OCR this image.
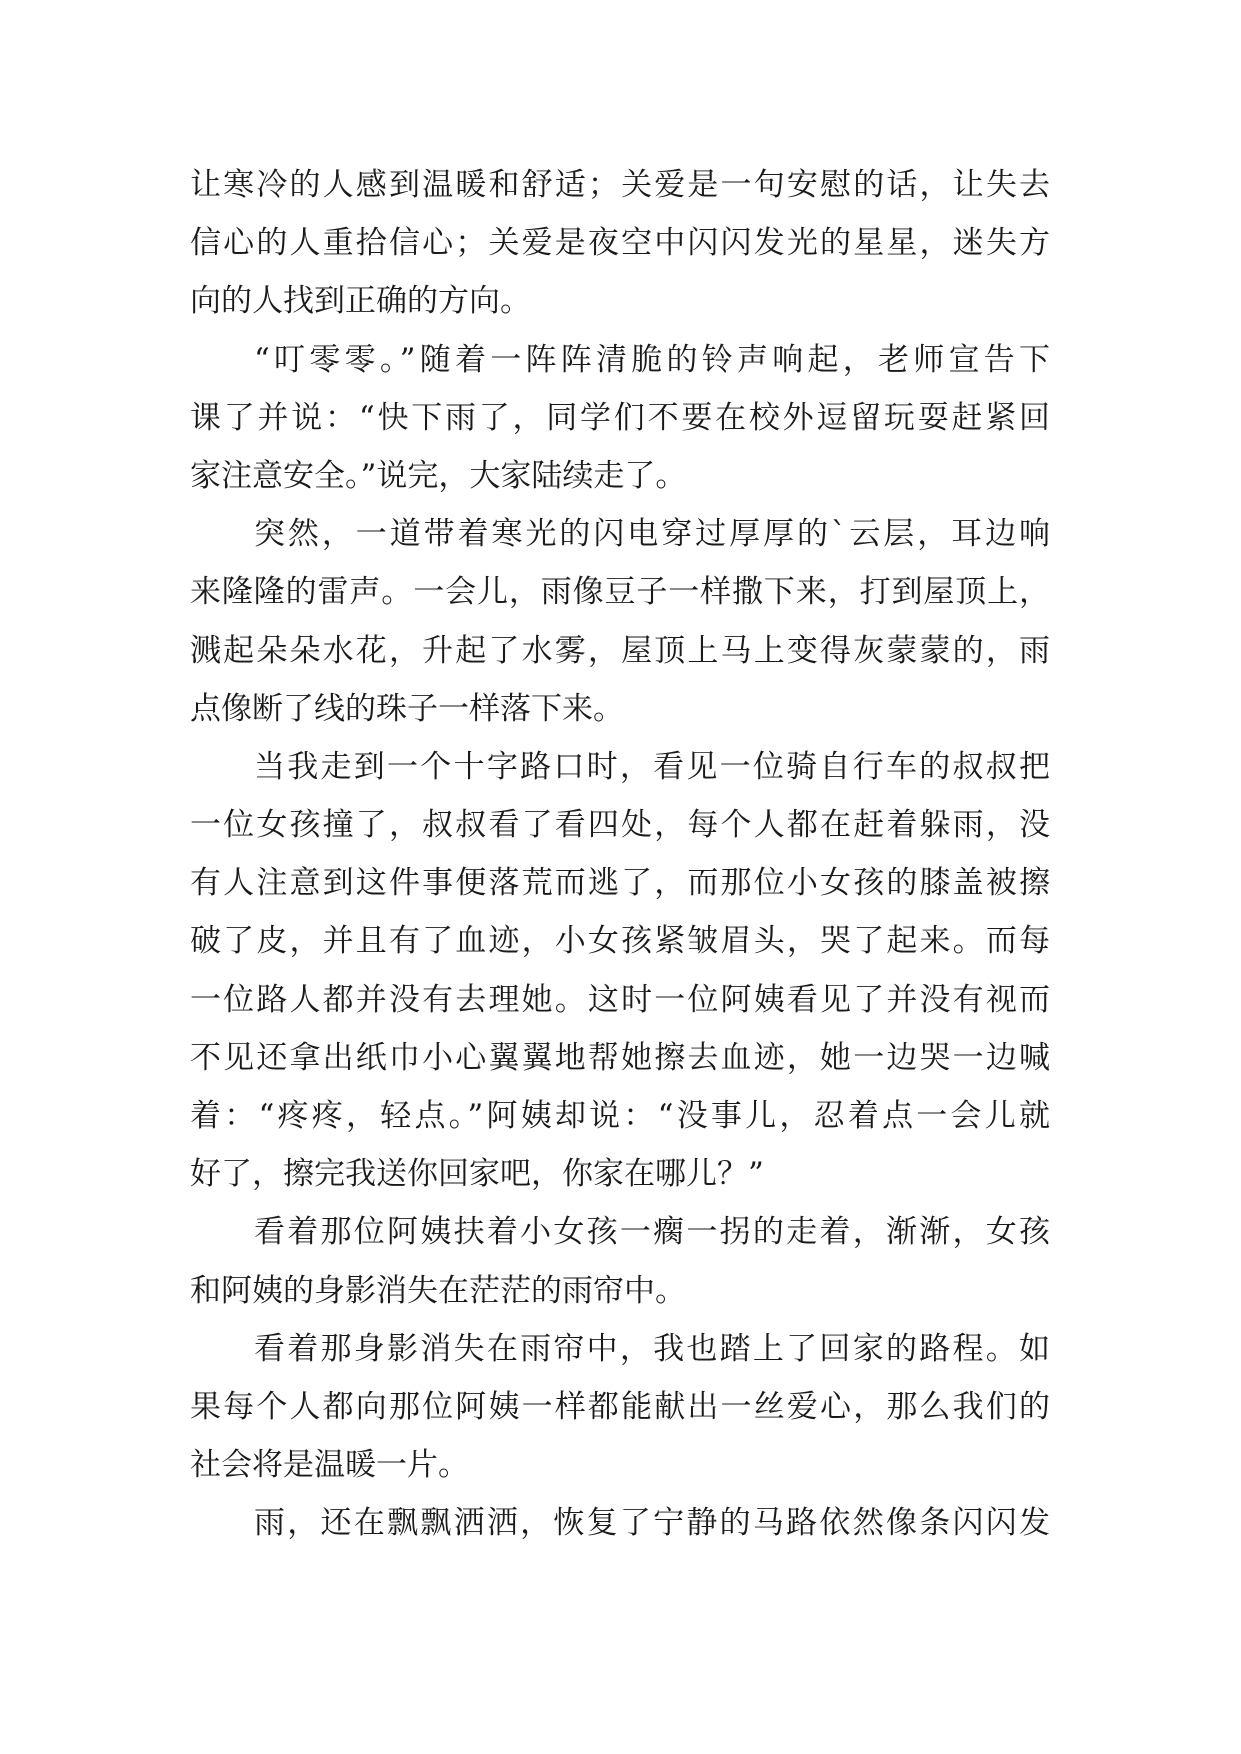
让寒冷的人感到温暖和舒适；关爱是一句安慰的话，让失去
信心的人重拾信心；关爱是夜空中闪闪发光的星星，迷失方
向的人找到正确的方向。
“叮零零。”随着一阵阵清脆的铃声响起，老师宣告下
课了并说：“快下雨了，同学们不要在校外逗留玩耍赶紧回
家注意安全。”说完，大家陆续走了。
突然，一道带着寒光的闪电穿过厚厚的`云层，耳边响
来隆隆的雷声。一会儿，雨像豆子一样撒下来，打到屋顶上，
溅起朵朵水花，升起了水雾，屋顶上马上变得灰蒙蒙的，雨
点像断了线的珠子一样落下来。
当我走到一个十字路口时，看见一位骑自行车的叔叔把
一位女孩撞了，叔叔看了看四处，每个人都在赶着躲雨，没
有人注意到这件事便落荒而逃了，而那位小女孩的膝盖被擦
破了皮，并且有了血迹，小女孩紧皱眉头，哭了起来。而每
一位路人都并没有去理她。这时一位阿姨看见了并没有视而
不见还拿出纸巾小心翼翼地帮她擦去血迹，她一边哭一边喊
着：“疼疼，轻点。”阿姨却说：“没事儿，忍着点一会儿就
好了，擦完我送你回家吧，你家在哪儿？”
看着那位阿姨扶着小女孩一瘸一拐的走着，渐渐，女孩
和阿姨的身影消失在茫茫的雨帘中。
看着那身影消失在雨帘中，我也踏上了回家的路程。如
果每个人都向那位阿姨一样都能献出一丝爱心，那么我们的
社会将是温暖一片。
雨，还在飘飘洒洒，恢复了宁静的马路依然像条闪闪发
